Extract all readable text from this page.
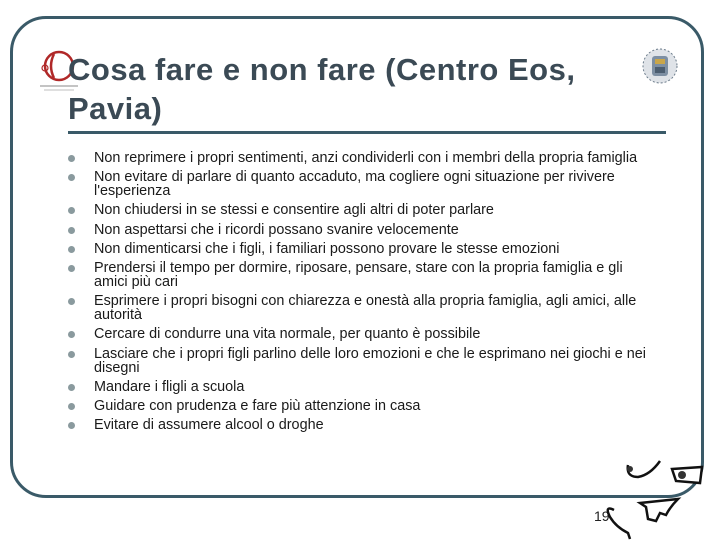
Cosa fare e non fare (Centro Eos, Pavia)
Non reprimere i propri sentimenti, anzi condividerli con i membri della propria famiglia
Non evitare di parlare di quanto accaduto, ma cogliere ogni situazione per rivivere l'esperienza
Non chiudersi in se stessi e consentire agli altri di poter parlare
Non aspettarsi che i ricordi possano svanire velocemente
Non dimenticarsi che i figli, i familiari possono provare le stesse emozioni
Prendersi il tempo per dormire, riposare, pensare, stare con la propria famiglia e gli amici più cari
Esprimere i propri bisogni con chiarezza e onestà alla propria famiglia, agli amici, alle autorità
Cercare di condurre una vita normale, per quanto è possibile
Lasciare che i propri figli parlino delle loro emozioni e che le esprimano nei giochi e nei disegni
Mandare i fligli a scuola
Guidare con prudenza e fare più attenzione in casa
Evitare di assumere alcool o droghe
19
